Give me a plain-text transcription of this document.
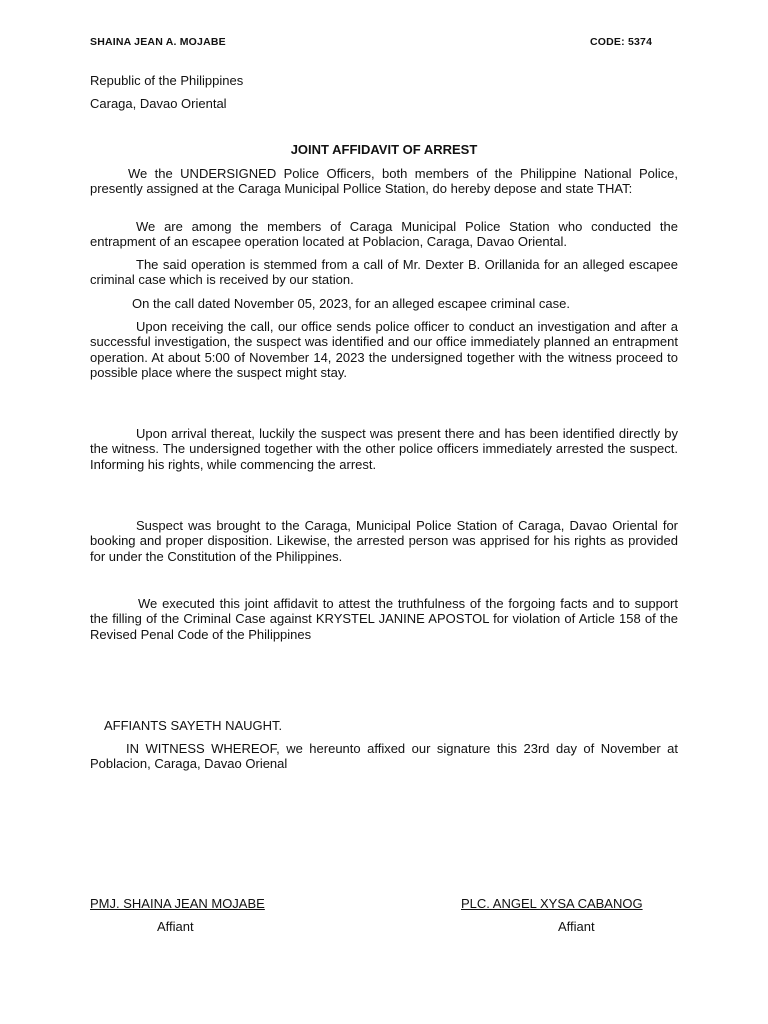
SHAINA JEAN A. MOJABE	CODE: 5374
Republic of the Philippines
Caraga, Davao Oriental
JOINT AFFIDAVIT OF ARREST
We the UNDERSIGNED Police Officers, both members of the Philippine National Police, presently assigned at the Caraga Municipal Pollice Station, do hereby depose and state THAT:
We are among the members of Caraga Municipal Police Station who conducted the entrapment of an escapee operation located at Poblacion, Caraga, Davao Oriental.
The said operation is stemmed from a call of Mr. Dexter B. Orillanida for an alleged escapee criminal case which is received by our station.
On the call dated November 05, 2023, for an alleged escapee criminal case.
Upon receiving the call, our office sends police officer to conduct an investigation and after a successful investigation, the suspect was identified and our office immediately planned an entrapment operation. At about 5:00 of November 14, 2023 the undersigned together with the witness proceed to possible place where the suspect might stay.
Upon arrival thereat, luckily the suspect was present there and has been identified directly by the witness. The undersigned together with the other police officers immediately arrested the suspect. Informing his rights, while commencing the arrest.
Suspect was brought to the Caraga, Municipal Police Station of Caraga, Davao Oriental for booking and proper disposition. Likewise, the arrested person was apprised for his rights as provided for under the Constitution of the Philippines.
We executed this joint affidavit to attest the truthfulness of the forgoing facts and to support the filling of the Criminal Case against KRYSTEL JANINE APOSTOL for violation of Article 158 of the Revised Penal Code of the Philippines
AFFIANTS SAYETH NAUGHT.
IN WITNESS WHEREOF, we hereunto affixed our signature this 23rd day of November at Poblacion, Caraga, Davao Orienal
PMJ. SHAINA JEAN MOJABE
Affiant
PLC. ANGEL XYSA CABANOG
Affiant
